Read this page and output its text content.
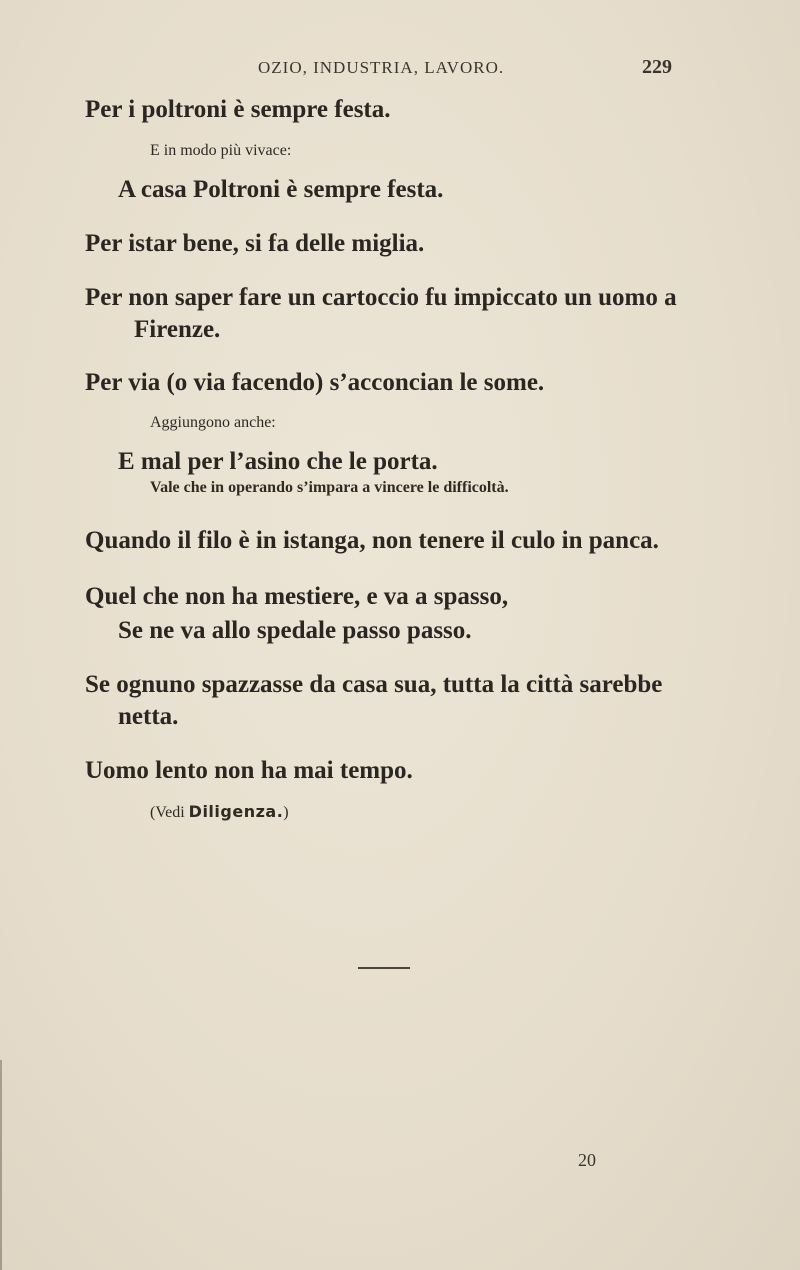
OZIO, INDUSTRIA, LAVORO.	229
Per i poltroni è sempre festa.
E in modo più vivace:
A casa Poltroni è sempre festa.
Per istar bene, si fa delle miglia.
Per non saper fare un cartoccio fu impiccato un uomo a
Firenze.
Per via (o via facendo) s’acconcian le some.
Aggiungono anche:
E mal per l’asino che le porta.
Vale che in operando s’impara a vincere le difficoltà.
Quando il filo è in istanga, non tenere il culo in panca.
Quel che non ha mestiere, e va a spasso,
Se ne va allo spedale passo passo.
Se ognuno spazzasse da casa sua, tutta la città sarebbe
netta.
Uomo lento non ha mai tempo.
(Vedi Diligenza.)
20
